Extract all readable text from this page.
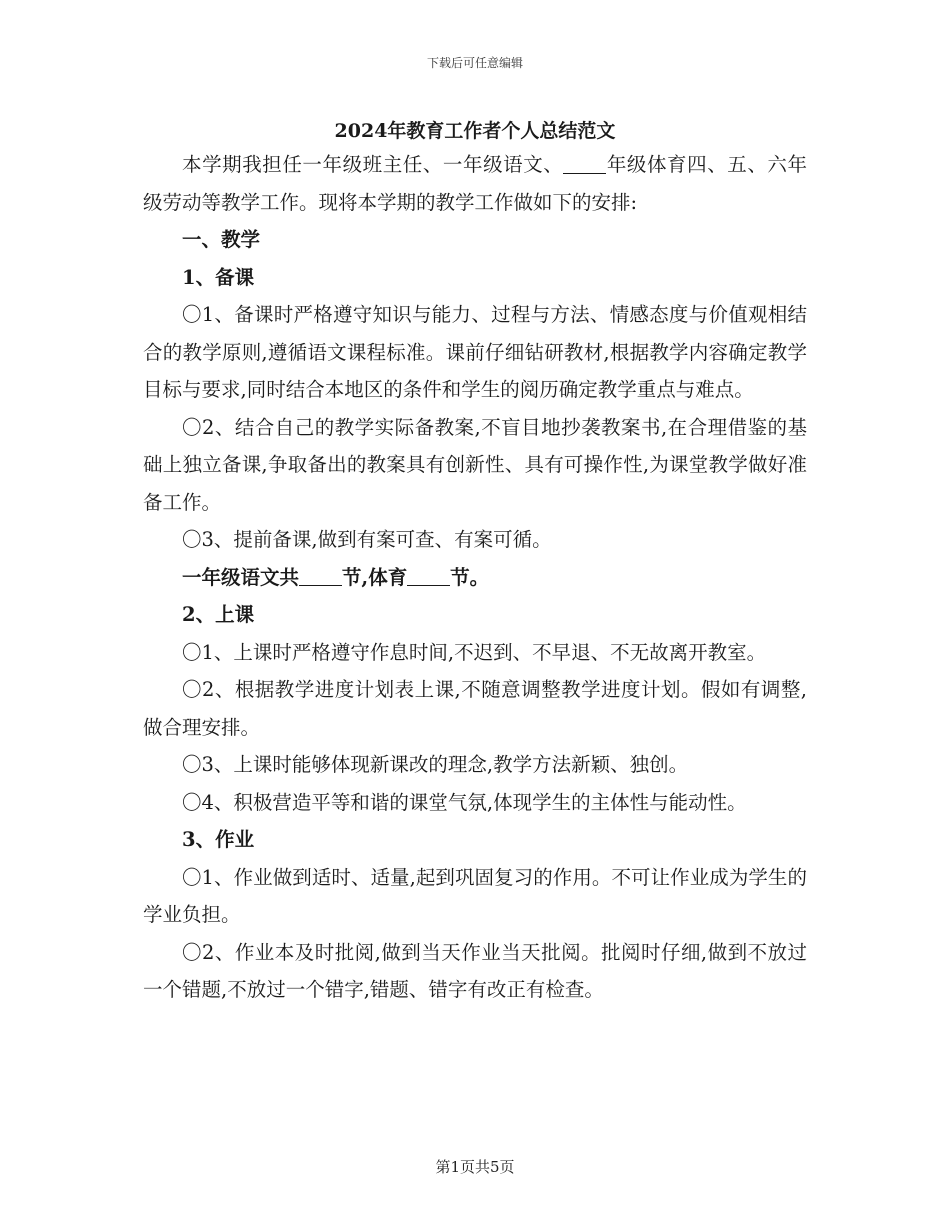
下载后可任意编辑
2024年教育工作者个人总结范文

本学期我担任一年级班主任、一年级语文、 年级体育四、五、六年级劳动等教学工作。现将本学期的教学工作做如下的安排:

一、教学

1、备课

〇1、备课时严格遵守知识与能力、过程与方法、情感态度与价值观相结合的教学原则,遵循语文课程标准。课前仔细钻研教材,根据教学内容确定教学目标与要求,同时结合本地区的条件和学生的阅历确定教学重点与难点。

〇2、结合自己的教学实际备教案,不盲目地抄袭教案书,在合理借鉴的基础上独立备课,争取备出的教案具有创新性、具有可操作性,为课堂教学做好准备工作。

〇3、提前备课,做到有案可查、有案可循。

一年级语文共 节,体育 节。

2、上课

〇1、上课时严格遵守作息时间,不迟到、不早退、不无故离开教室。

〇2、根据教学进度计划表上课,不随意调整教学进度计划。假如有调整,做合理安排。

〇3、上课时能够体现新课改的理念,教学方法新颖、独创。

〇4、积极营造平等和谐的课堂气氛,体现学生的主体性与能动性。

3、作业

〇1、作业做到适时、适量,起到巩固复习的作用。不可让作业成为学生的学业负担。

〇2、作业本及时批阅,做到当天作业当天批阅。批阅时仔细,做到不放过一个错题,不放过一个错字,错题、错字有改正有检查。

第1页共5页
